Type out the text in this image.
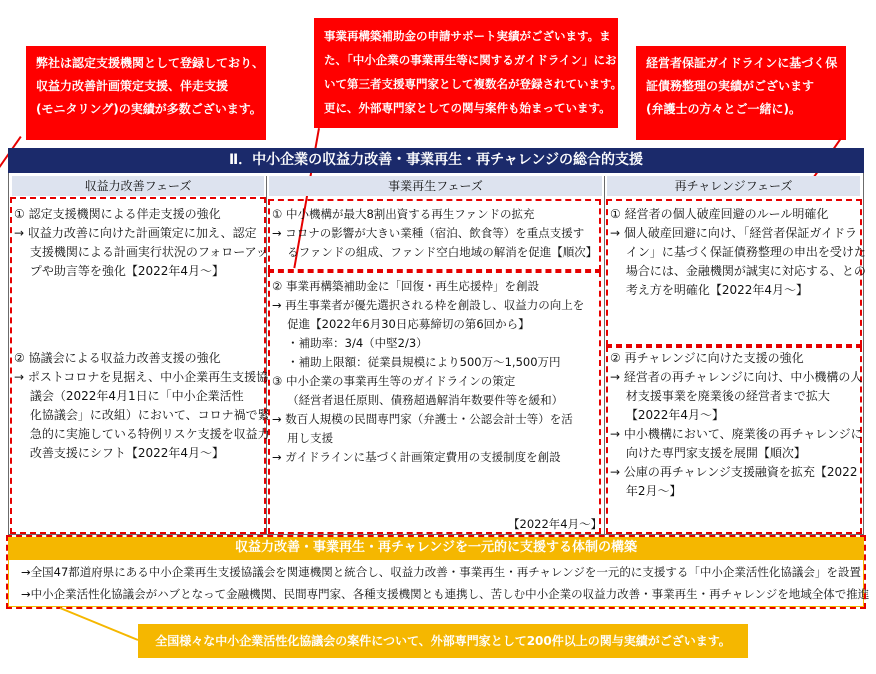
弊社は認定支援機関として登録しており、
収益力改善計画策定支援、伴走支援
(モニタリング)の実績が多数ございます。
事業再構築補助金の申請サポート実績がございます。ま
た、「中小企業の事業再生等に関するガイドライン」にお
いて第三者支援専門家として複数名が登録されています。
更に、外部専門家としての関与案件も始まっています。
経営者保証ガイドラインに基づく保
証債務整理の実績がございます
(弁護士の方々とご一緒に)。
Ⅱ．中小企業の収益力改善・事業再生・再チャレンジの総合的支援
収益力改善フェーズ	事業再生フェーズ	再チャレンジフェーズ
① 認定支援機関による伴走支援の強化
→ 収益力改善に向けた計画策定に加え、認定
　 支援機関による計画実行状況のフォローアッ
　 プや助言等を強化【2022年4月～】
② 協議会による収益力改善支援の強化
→ ポストコロナを見据え、中小企業再生支援協
　 議会（2022年4月1日に「中小企業活性
　 化協議会」に改組）において、コロナ禍で緊
　 急的に実施している特例リスケ支援を収益力
　 改善支援にシフト【2022年4月～】
① 中小機構が最大8割出資する再生ファンドの拡充
→ コロナの影響が大きい業種（宿泊、飲食等）を重点支援す
　 るファンドの組成、ファンド空白地域の解消を促進【順次】
② 事業再構築補助金に「回復・再生応援枠」を創設
→ 再生事業者が優先選択される枠を創設し、収益力の向上を
　 促進【2022年6月30日応募締切の第6回から】
　 ・補助率：3/4（中堅2/3）
　 ・補助上限額：従業員規模により500万～1,500万円
③ 中小企業の事業再生等のガイドラインの策定
　 （経営者退任原則、債務超過解消年数要件等を緩和）
→ 数百人規模の民間専門家（弁護士・公認会計士等）を活
　 用し支援
→ ガイドラインに基づく計画策定費用の支援制度を創設
【2022年4月～】
① 経営者の個人破産回避のルール明確化
→ 個人破産回避に向け、「経営者保証ガイドラ
　 イン」に基づく保証債務整理の申出を受けた
　 場合には、金融機関が誠実に対応する、との
　 考え方を明確化【2022年4月～】
② 再チャレンジに向けた支援の強化
→ 経営者の再チャレンジに向け、中小機構の人
　 材支援事業を廃業後の経営者まで拡大
　 【2022年4月～】
→ 中小機構において、廃業後の再チャレンジに
　 向けた専門家支援を展開【順次】
→ 公庫の再チャレンジ支援融資を拡充【2022
　 年2月～】
収益力改善・事業再生・再チャレンジを一元的に支援する体制の構築
→全国47都道府県にある中小企業再生支援協議会を関連機関と統合し、収益力改善・事業再生・再チャレンジを一元的に支援する「中小企業活性化協議会」を設置
→中小企業活性化協議会がハブとなって金融機関、民間専門家、各種支援機関とも連携し、苦しむ中小企業の収益力改善・事業再生・再チャレンジを地域全体で推進
全国様々な中小企業活性化協議会の案件について、外部専門家として200件以上の関与実績がございます。
